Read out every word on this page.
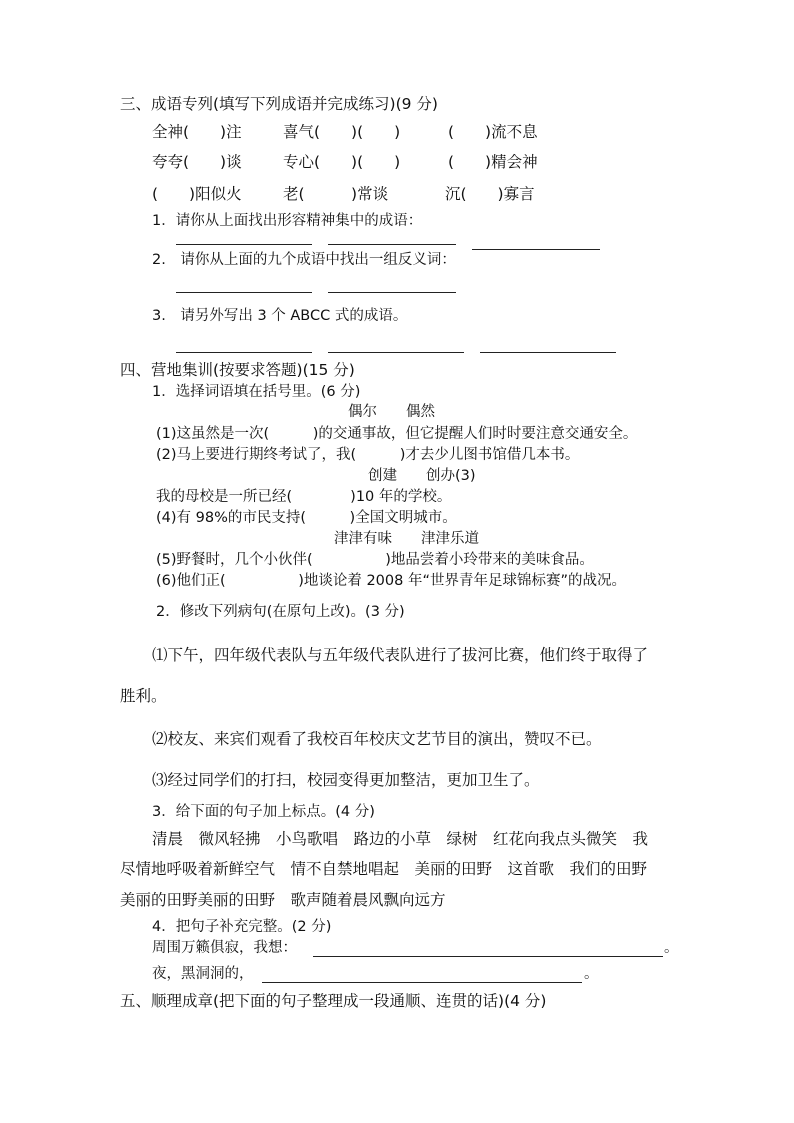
三、成语专列(填写下列成语并完成练习)(9 分)
全神(　　)注	喜气(　　)(　　)	(　　)流不息
夸夸(　　)谈	专心(　　)(　　)	(　　)精会神
(　　)阳似火	老(　　　)常谈	沉(　　)寡言
1．请你从上面找出形容精神集中的成语：
2.　请你从上面的九个成语中找出一组反义词：
3.　请另外写出 3 个 ABCC 式的成语。
四、营地集训(按要求答题)(15 分)
1．选择词语填在括号里。(6 分)
偶尔　　偶然
(1)这虽然是一次(　　　)的交通事故，但它提醒人们时时要注意交通安全。
(2)马上要进行期终考试了，我(　　　)才去少儿图书馆借几本书。
创建　　创办(3)
我的母校是一所已经(　　　　)10 年的学校。
(4)有 98%的市民支持(　　　)全国文明城市。
津津有味　　津津乐道
(5)野餐时，几个小伙伴(　　　　　)地品尝着小玲带来的美味食品。
(6)他们正(　　　　　)地谈论着 2008 年“世界青年足球锦标赛”的战况。
2．修改下列病句(在原句上改)。(3 分)
⑴下午，四年级代表队与五年级代表队进行了拔河比赛，他们终于取得了
胜利。
⑵校友、来宾们观看了我校百年校庆文艺节目的演出，赞叹不已。
⑶经过同学们的打扫，校园变得更加整洁，更加卫生了。
3．给下面的句子加上标点。(4 分)
清晨　微风轻拂　小鸟歌唱　路边的小草　绿树　红花向我点头微笑　我
尽情地呼吸着新鲜空气　情不自禁地唱起　美丽的田野　这首歌　我们的田野
美丽的田野美丽的田野　歌声随着晨风飘向远方
4．把句子补充完整。(2 分)
周围万籁俱寂，我想：	。
夜，黑洞洞的，	。
五、顺理成章(把下面的句子整理成一段通顺、连贯的话)(4 分)
